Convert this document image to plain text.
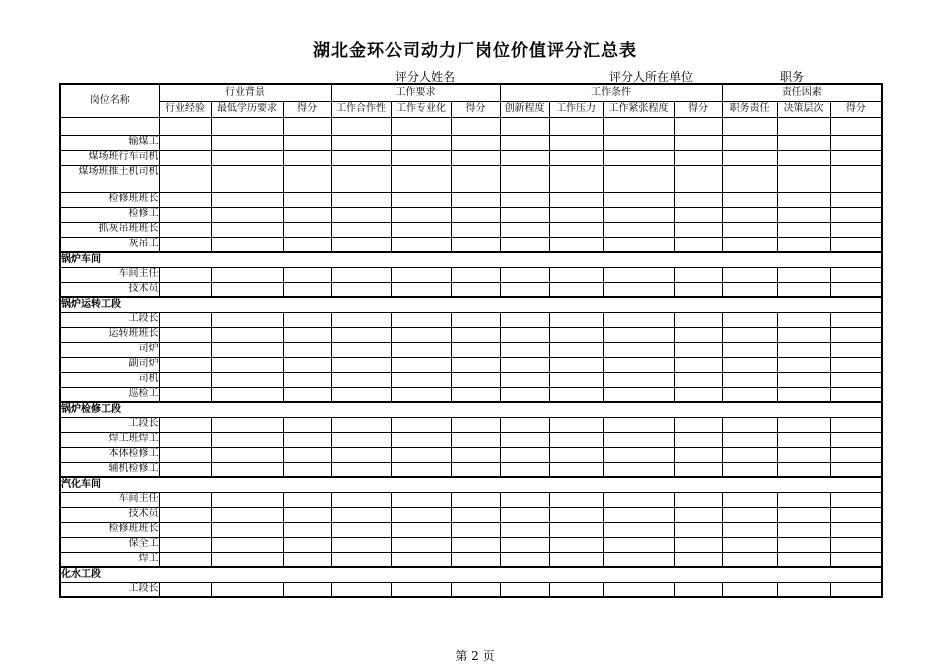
湖北金环公司动力厂岗位价值评分汇总表
评分人姓名	评分人所在单位	职务
岗位名称	行业背景			工作要求			工作条件				责任因素		
	行业经验	最低学历要求	得分	工作合作性	工作专业化	得分	创新程度	工作压力	工作紧张程度	得分	职务责任	决策层次	得分

输煤工													
煤场班行车司机													
煤场班推土机司机													
检修班班长													
检修工													
抓灰吊班班长													
灰吊工													
锅炉车间													
车间主任													
技术员													
锅炉运转工段													
工段长													
运转班班长													
司炉													
副司炉													
司机													
巡检工													
锅炉检修工段													
工段长													
焊工班焊工													
本体检修工													
辅机检修工													
汽化车间													
车间主任													
技术员													
检修班班长													
保全工													
焊工													
化水工段													
工段长													
第 2 页
